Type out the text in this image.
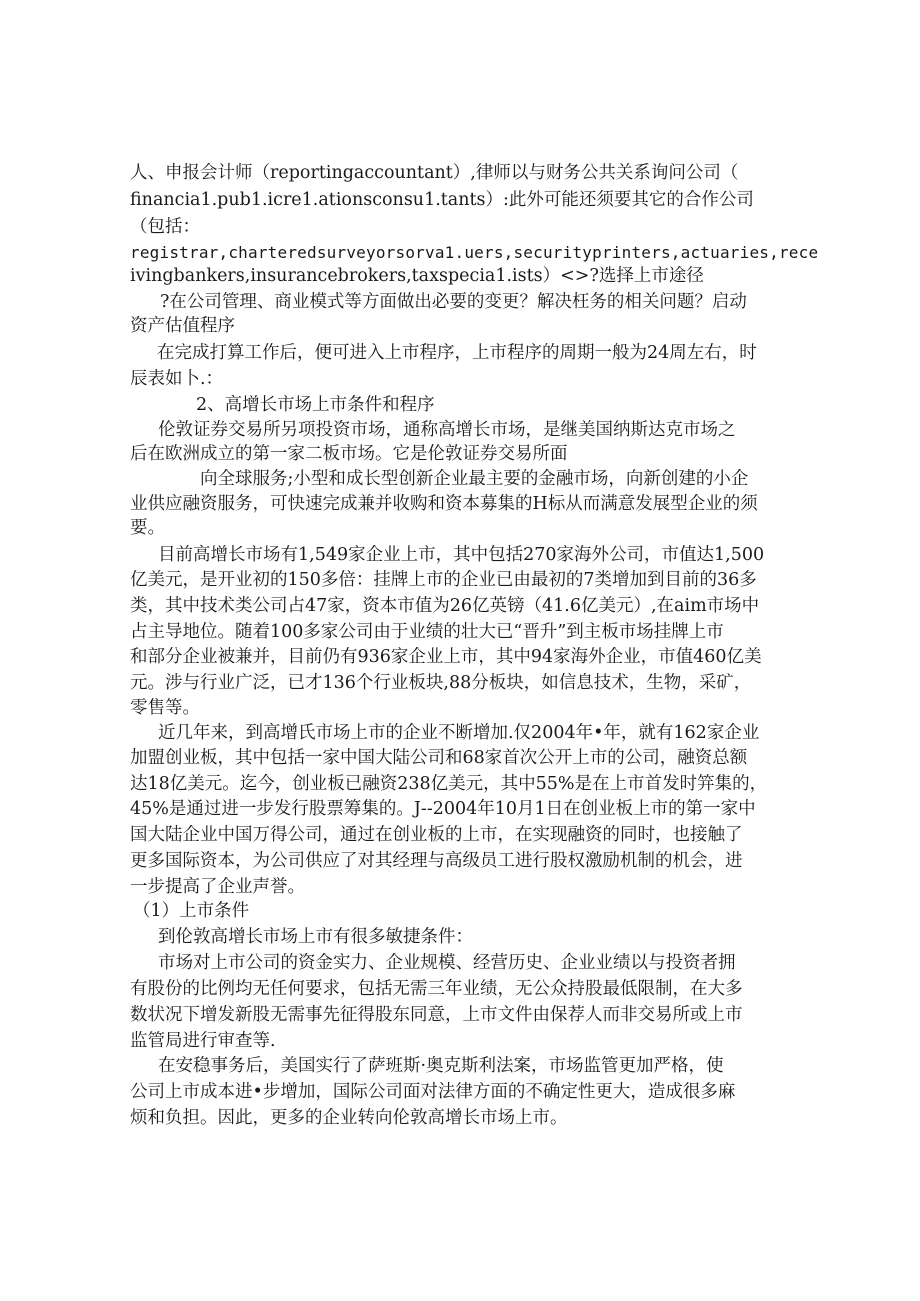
人、申报会计师（reportingaccountant）,律师以与财务公共关系询问公司（
financia1.pub1.icre1.ationsconsu1.tants）:此外可能还须要其它的合作公司
（包括：
registrar,charteredsurveyorsorva1.uers,securityprinters,actuaries,rece
ivingbankers,insurancebrokers,taxspecia1.ists）<>?选择上市途径
?在公司管理、商业模式等方面做出必要的变更？解决枉务的相关问题？启动
资产估值程序
在完成打算工作后，便可进入上市程序，上市程序的周期一般为24周左右，时
辰表如卜.：
2、高增长市场上市条件和程序
伦敦证券交易所另项投资市场，通称高增长市场，是继美国纳斯达克市场之
后在欧洲成立的第一家二板市场。它是伦敦证券交易所面
向全球服务;小型和成长型创新企业最主要的金融市场，向新创建的小企
业供应融资服务，可快速完成兼并收购和资本募集的H标从而满意发展型企业的须
要。
目前高增长市场有1,549家企业上市，其中包括270家海外公司，市值达1,500
亿美元，是开业初的150多倍：挂牌上市的企业已由最初的7类增加到目前的36多
类，其中技术类公司占47家，资本市值为26亿英镑（41.6亿美元）,在aim市场中
占主导地位。随着100多家公司由于业绩的壮大已“晋升”到主板市场挂牌上市
和部分企业被兼并，目前仍有936家企业上市，其中94家海外企业，市值460亿美
元。涉与行业广泛，已才136个行业板块,88分板块，如信息技术，生物，采矿，
零售等。
近几年来，到高增氏市场上市的企业不断增加.仅2004年•年，就有162家企业
加盟创业板，其中包括一家中国大陆公司和68家首次公开上市的公司，融资总额
达18亿美元。迄今，创业板已融资238亿美元，其中55%是在上市首发时笄集的，
45%是通过进一步发行股票筹集的。J--2004年10月1日在创业板上市的第一家中
国大陆企业中国万得公司，通过在创业板的上市，在实现融资的同时，也接触了
更多国际资本，为公司供应了对其经理与高级员工进行股权激励机制的机会，进
一步提高了企业声誉。
（1）上市条件
到伦敦高增长市场上市有很多敏捷条件：
市场对上市公司的资金实力、企业规模、经营历史、企业业绩以与投资者拥
有股份的比例均无任何要求，包括无需三年业绩，无公众持股最低限制，在大多
数状况下增发新股无需事先征得股东同意，上市文件由保荐人而非交易所或上市
监管局进行审查等.
在安稳事务后，美国实行了萨班斯·奥克斯利法案，市场监管更加严格，使
公司上市成本进•步增加，国际公司面对法律方面的不确定性更大，造成很多麻
烦和负担。因此，更多的企业转向伦敦高增长市场上市。
